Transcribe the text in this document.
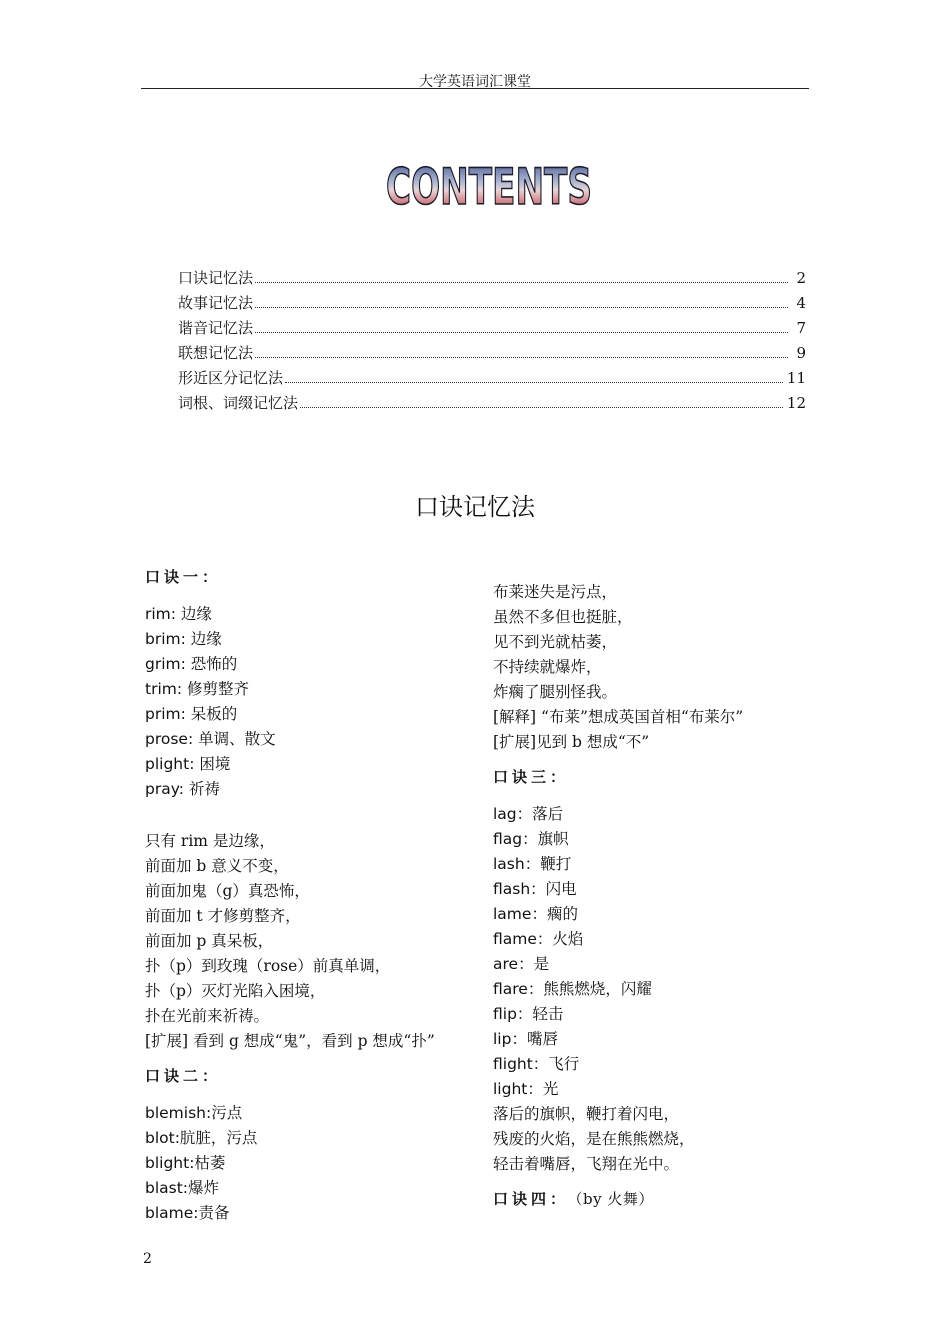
大学英语词汇课堂
CONTENTS
口诀记忆法	2
故事记忆法	4
谐音记忆法	7
联想记忆法	9
形近区分记忆法	11
词根、词缀记忆法	12
口诀记忆法
口诀一：
rim: 边缘
brim: 边缘
grim: 恐怖的
trim: 修剪整齐
prim: 呆板的
prose: 单调、散文
plight: 困境
pray: 祈祷
只有 rim 是边缘，
前面加 b 意义不变，
前面加鬼（g）真恐怖，
前面加 t 才修剪整齐，
前面加 p 真呆板，
扑（p）到玫瑰（rose）前真单调，
扑（p）灭灯光陷入困境，
扑在光前来祈祷。
[扩展] 看到 g 想成“鬼”，看到 p 想成“扑”
口诀二：
blemish:污点
blot:肮脏，污点
blight:枯萎
blast:爆炸
blame:责备
布莱迷失是污点，
虽然不多但也挺脏，
见不到光就枯萎，
不持续就爆炸，
炸瘸了腿别怪我。
[解释] “布莱”想成英国首相“布莱尔”
[扩展]见到 b 想成“不”
口诀三：
lag：落后
flag：旗帜
lash：鞭打
flash：闪电
lame：瘸的
flame：火焰
are：是
flare：熊熊燃烧，闪耀
flip：轻击
lip：嘴唇
flight：飞行
light：光
落后的旗帜，鞭打着闪电，
残废的火焰，是在熊熊燃烧，
轻击着嘴唇，飞翔在光中。
口诀四： （by 火舞）
2
